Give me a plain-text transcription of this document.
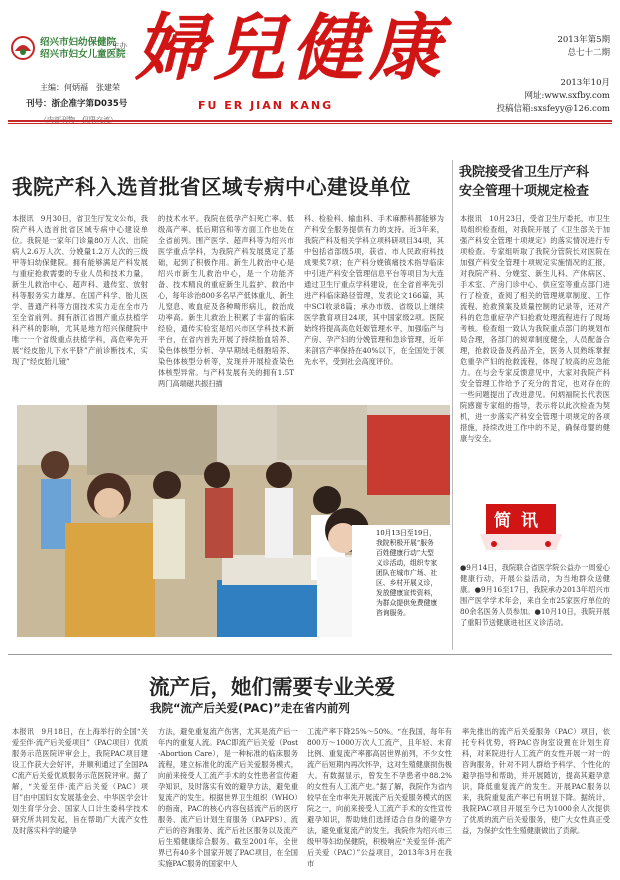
绍兴市妇幼保健院
绍兴市妇女儿童医院
主办 婦兒健康
FU ER JIAN KANG
主编：何炳福　张建荣
刊号：浙企准字第D035号
2013年第5期
总七十二期
2013年10月
网址:www.sxfby.com
投稿信箱:sxsfeyy@126.com
我院产科入选首批省区域专病中心建设单位
本报讯　9月30日，省卫生厅发文公布，我院产科入选首批省区域专病中心建设单位。我院是一家年门诊量80万人次、出院病人2.6万人次、分娩量1.2万人次的三级甲等妇幼保健院。拥有能够满足产科发展与重症抢救需要的专业人员和技术力量，新生儿救治中心、超声科、遗传室、放射科等服务实力雄厚。在国产科学、胎儿医学、普通产科等方面技术实力走在全市乃至全省前列。拥有浙江省围产重点扶植学科产科的影响，尤其是地方绍兴保健院中唯一一个省级重点扶植学科，高危率先开展“经皮胎儿下水平脐”产前诊断技术，实现了“经皮胎儿镜”
的技术水平。我院在低孕产妇死亡率、低级高产率、低后期宫和等方面工作也处在全省前列。围产医学、超声科等为绍兴市医学重点学科，为我院产科发展奠定了基础，起到了积极作用。新生儿救治中心是绍兴市新生儿救治中心，是一个功能齐备、技术精良的重症新生儿监护、救治中心，每年诊治800多名早产低体重儿、新生儿窒息、败血症及各种畸形病儿，救治成功率高。新生儿救治上积累了丰富的临床经验，遗传实验室是绍兴市区学科技术新平台，在省内首先开展了持续胎血培养、染色体核型分析、孕早期绒毛细胞培养、染色体核型分析等，发现并开展检查染色体核型异常。与产科发展有关的拥有1.5T两门高端磁共振扫描
科、检验科、输血科、手术麻醉科都能够为产科安全服务提供有力的支持。近3年来，我院产科及相关学科立项科研项目34项，其中包括省部级5项，获省、市人民政府科技成果奖7项；在产科分娩镇痛技术指导临床中引进产科安全管理信息平台等项目为大连通过卫生厅重点学科建设，在全省首率先引进产科临床路径管理，发表论文166篇，其中SCI收录8篇；承办市级、省级以上继续医学教育项目24项，其中国家级2项。医院始终将提高高危妊娠管理水平，加强临产与产房、孕产妇的分娩管理和急诊管理，近年来剖宫产率保持在40%以下，在全国处于领先水平，受到社会高度评价。
我院接受省卫生厅产科
安全管理十项规定检查
本报讯　10月23日，受省卫生厅委托，市卫生局组织检查组，对我院开展了《卫生部关于加强产科安全管理十项规定》的落实情况进行专项检查。专家组听取了我院分管院长对医院在加强产科安全管理十项规定实施情况的汇报，对我院产科、分娩室、新生儿科、产休病区、手术室、产房门诊中心、供应室等重点部门进行了检查，查阅了相关的管理规章制度、工作流程、抢救预案及质量控制的记录等，还对产科的危急重症孕产妇抢救处理流程进行了现场考核。检查组一致认为我院重点部门的规划布局合理，各部门的规章制度健全，人员配备合理，抢救设备及药品齐全，医务人员熟练掌握危重孕产妇的抢救流程，体现了较高的应急能力。在与会专家反馈意见中，大家对我院产科安全管理工作给予了充分的肯定，也对存在的一些问题提出了改进意见。何炳福院长代表医院感谢专家组的指导，表示将以此次检查为契机，进一步落实产科安全管理十项规定的各项措施，持续改进工作中的不足，确保母婴的健康与安全。
简讯
●9月14日，我院联合省医学院公益办一周爱心健康行动，开展公益活动，为当地群众送健康。●9月16至17日，我院承办2013年绍兴市围产医学学术年会，来自全市25家医疗单位的80余名医务人员参加。●10月10日，我院开展了重阳节送健康进社区义诊活动。
10月13日至19日，我院积极开展“服务百姓健康行动”大型义诊活动，组织专家团队在城市广场、社区、乡村开展义诊，发放健康宣传资料，为群众提供免费健康咨询服务。
流产后，她们需要专业关爱
我院“流产后关爱(PAC)”走在省内前列
本报讯　9月18日，在上海举行的全国“关爱至伴·流产后关爱项目”（PAC项目）优质服务示范医院评审会上，我院PAC项目建设工作获大会好评，并顺利通过了全国PAC流产后关爱优质服务示范医院评审。据了解，“关爱至伴·流产后关爱（PAC）项目”由中国妇女发展基金会、中华医学会计划生育学分会、国家人口计生委科学技术研究所共同发起，旨在帮助广大流产女性及时落实科学的避孕
方法，避免重复流产伤害，尤其是流产后一年内的重复人流。PAC即流产后关爱（Post-Abortion Care），是一种标准的临床服务流程，建立标准化的流产后关爱服务模式，向前来接受人工流产手术的女性患者宣传避孕知识，及时落实有效的避孕方法，避免重复流产的发生。根据世界卫生组织（WHO）的指南，PAC的核心内容包括流产后的医疗服务、流产后计划生育服务（PAFPS）、流产后的咨询服务、流产后社区服务以及流产后生殖健康综合服务。截至2001年，全世界已有40多个国家开展了PAC项目，在全国实施PAC服务的国家中人
工流产率下降25%～50%。“在我国，每年有800万～1000万次人工流产，且年轻、未育比例、重复流产率都高居世界前列，不少女性流产后短期内再次怀孕，这对生殖健康损伤极大。有数据显示，曾发生不孕患者中88.2%的女性有人工流产史。”据了解，我院作为省内较早在全市率先开展流产后关爱服务模式的医院之一，向前来接受人工流产手术的女性宣传避孕知识，帮助她们选择适合自身的避孕方法，避免重复流产的发生。我院作为绍兴市三级甲等妇幼保健院，积极响应“关爱至伴·流产后关爱（PAC）”公益项目，2013年3月在我市
率先推出的流产后关爱服务（PAC）项目，依托专科优势，将PAC咨询室设置在计划生育科，对来院进行人工流产的女性开展一对一的咨询服务，针对不同人群给予科学、个性化的避孕指导和帮助，并开展随访，提高其避孕意识，降低重复流产的发生。开展PAC服务以来，我院重复流产率已有明显下降。据统计，我院PAC项目开展至今已为1000余人次提供了优质的流产后关爱服务，使广大女性真正受益，为保护女性生殖健康做出了贡献。
